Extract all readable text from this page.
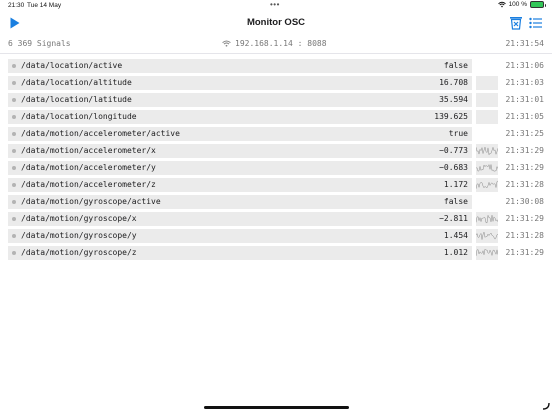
21:30 Tue 14 May	•••	100 %
Monitor OSC
6 369 Signals	192.168.1.14 : 8088	21:31:54
/data/location/active	false	21:31:06
/data/location/altitude	16.708	21:31:03
/data/location/latitude	35.594	21:31:01
/data/location/longitude	139.625	21:31:05
/data/motion/accelerometer/active	true	21:31:25
/data/motion/accelerometer/x	−0.773	21:31:29
/data/motion/accelerometer/y	−0.683	21:31:29
/data/motion/accelerometer/z	1.172	21:31:28
/data/motion/gyroscope/active	false	21:30:08
/data/motion/gyroscope/x	−2.811	21:31:29
/data/motion/gyroscope/y	1.454	21:31:28
/data/motion/gyroscope/z	1.012	21:31:29
